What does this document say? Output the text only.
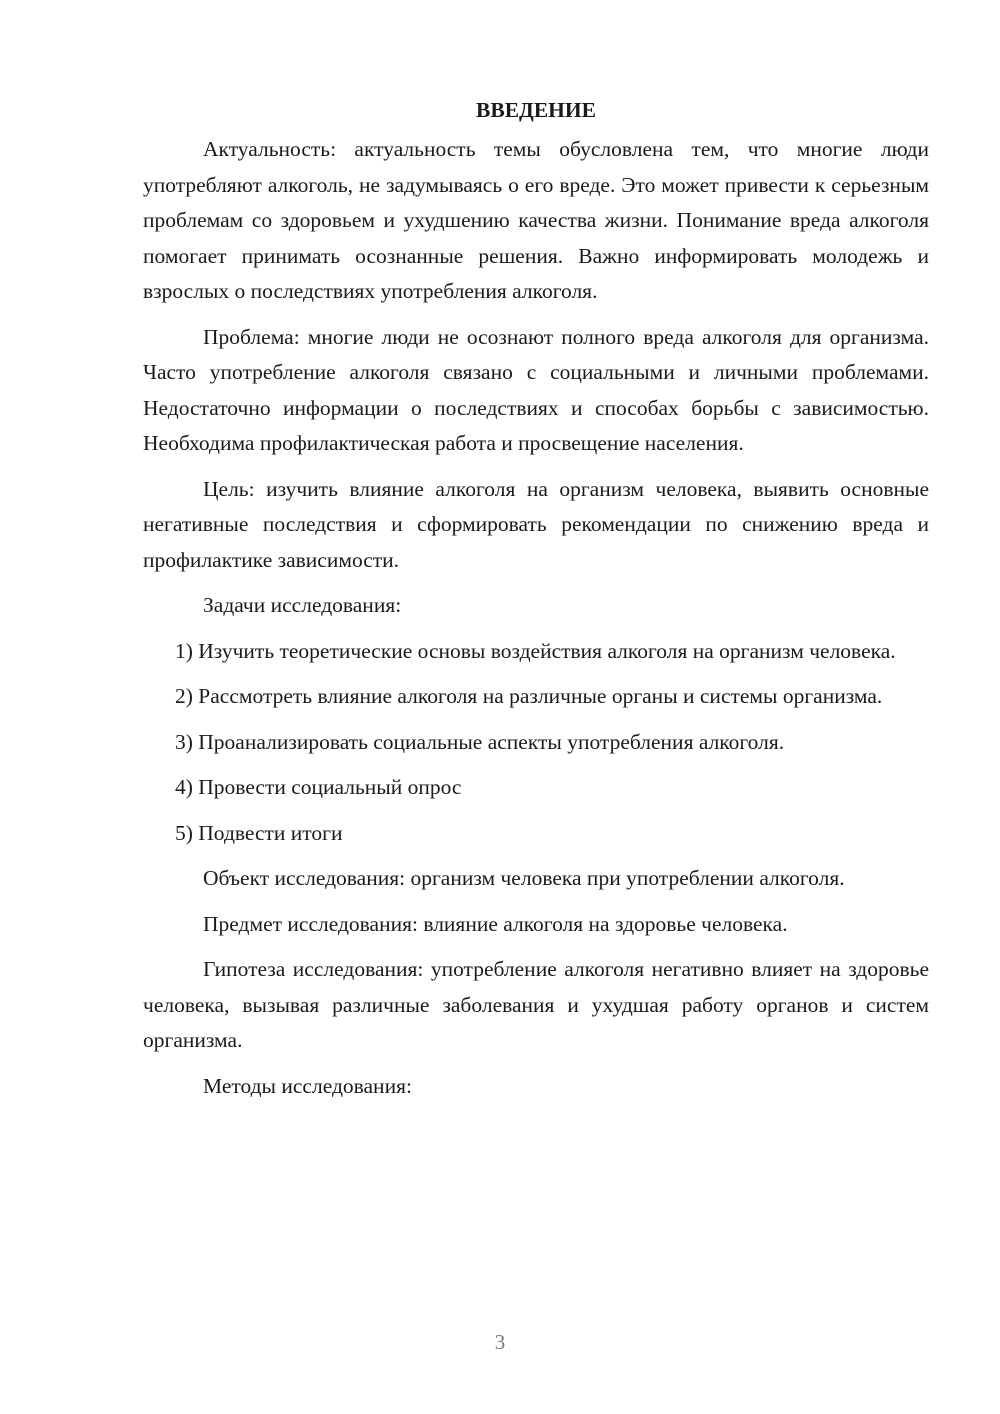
ВВЕДЕНИЕ

Актуальность: актуальность темы обусловлена тем, что многие люди употребляют алкоголь, не задумываясь о его вреде. Это может привести к серьезным проблемам со здоровьем и ухудшению качества жизни. Понимание вреда алкоголя помогает принимать осознанные решения. Важно информировать молодежь и взрослых о последствиях употребления алкоголя.

Проблема: многие люди не осознают полного вреда алкоголя для организма. Часто употребление алкоголя связано с социальными и личными проблемами. Недостаточно информации о последствиях и способах борьбы с зависимостью. Необходима профилактическая работа и просвещение населения.

Цель: изучить влияние алкоголя на организм человека, выявить основные негативные последствия и сформировать рекомендации по снижению вреда и профилактике зависимости.

Задачи исследования:

1) Изучить теоретические основы воздействия алкоголя на организм человека.

2) Рассмотреть влияние алкоголя на различные органы и системы организма.

3) Проанализировать социальные аспекты употребления алкоголя.

4) Провести социальный опрос

5) Подвести итоги

Объект исследования: организм человека при употреблении алкоголя.

Предмет исследования: влияние алкоголя на здоровье человека.

Гипотеза исследования: употребление алкоголя негативно влияет на здоровье человека, вызывая различные заболевания и ухудшая работу органов и систем организма.

Методы исследования:

3
